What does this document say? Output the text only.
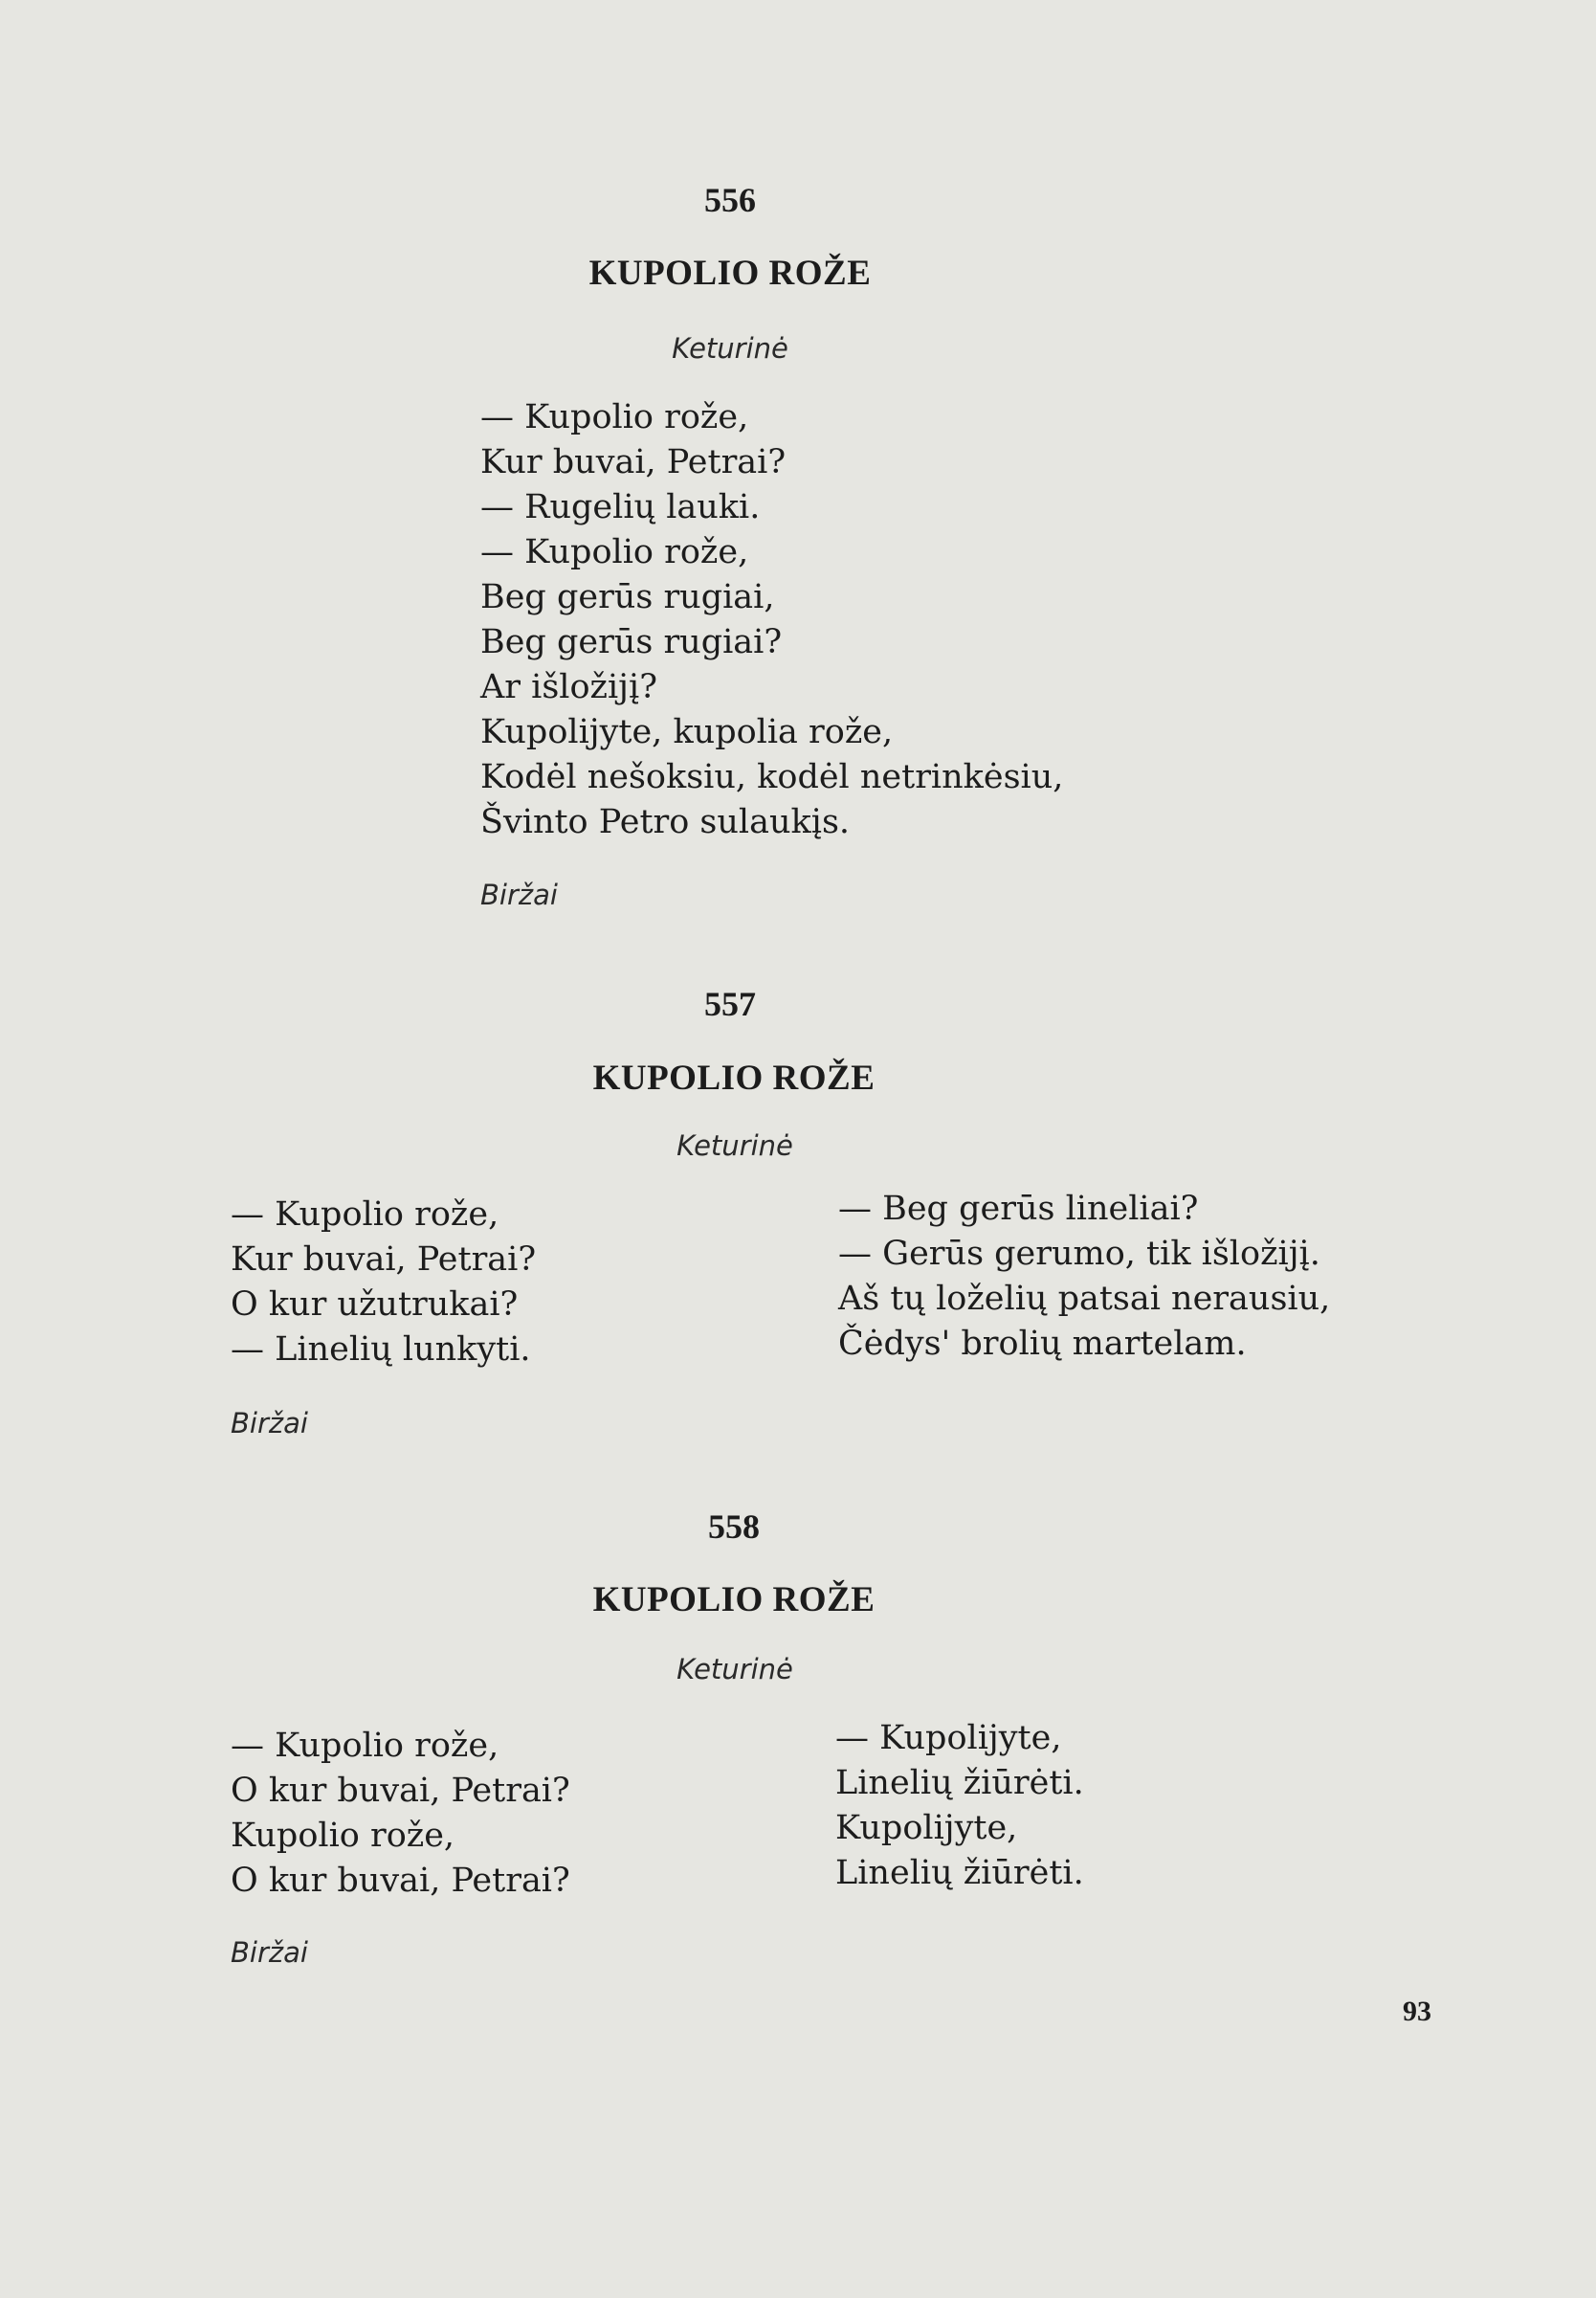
556
KUPOLIO ROŽE
Keturinė
— Kupolio rože,
Kur buvai, Petrai?
— Rugelių lauki.
— Kupolio rože,
Beg gerūs rugiai,
Beg gerūs rugiai?
Ar išložijį?
Kupolijyte, kupolia rože,
Kodėl nešoksiu, kodėl netrinkėsiu,
Švinto Petro sulaukįs.
Biržai
557
KUPOLIO ROŽE
Keturinė
— Kupolio rože,
Kur buvai, Petrai?
O kur užutrukai?
— Linelių lunkyti.
— Beg gerūs lineliai?
— Gerūs gerumo, tik išložijį.
Aš tų loželių patsai nerausiu,
Čėdys' brolių martelam.
Biržai
558
KUPOLIO ROŽE
Keturinė
— Kupolio rože,
O kur buvai, Petrai?
Kupolio rože,
O kur buvai, Petrai?
— Kupolijyte,
Linelių žiūrėti.
Kupolijyte,
Linelių žiūrėti.
Biržai
93
